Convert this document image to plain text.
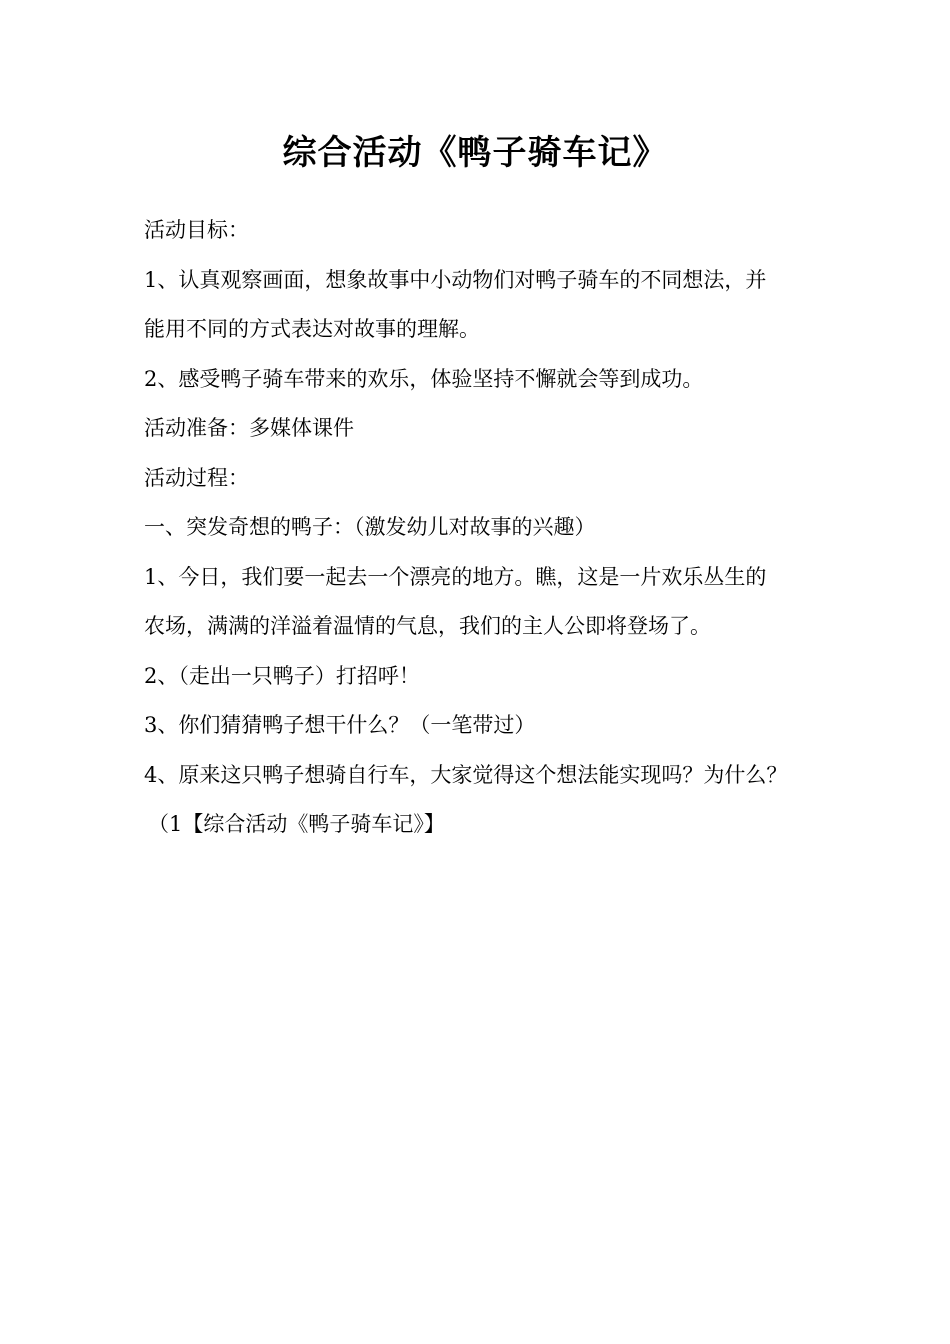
综合活动《鸭子骑车记》
活动目标：
1、认真观察画面，想象故事中小动物们对鸭子骑车的不同想法，并
能用不同的方式表达对故事的理解。
2、感受鸭子骑车带来的欢乐，体验坚持不懈就会等到成功。
活动准备：多媒体课件
活动过程：
一、突发奇想的鸭子：（激发幼儿对故事的兴趣）
1、今日，我们要一起去一个漂亮的地方。瞧，这是一片欢乐丛生的
农场，满满的洋溢着温情的气息，我们的主人公即将登场了。
2、（走出一只鸭子）打招呼！
3、你们猜猜鸭子想干什么？（一笔带过）
4、原来这只鸭子想骑自行车，大家觉得这个想法能实现吗？为什么？
（1【综合活动《鸭子骑车记》】
